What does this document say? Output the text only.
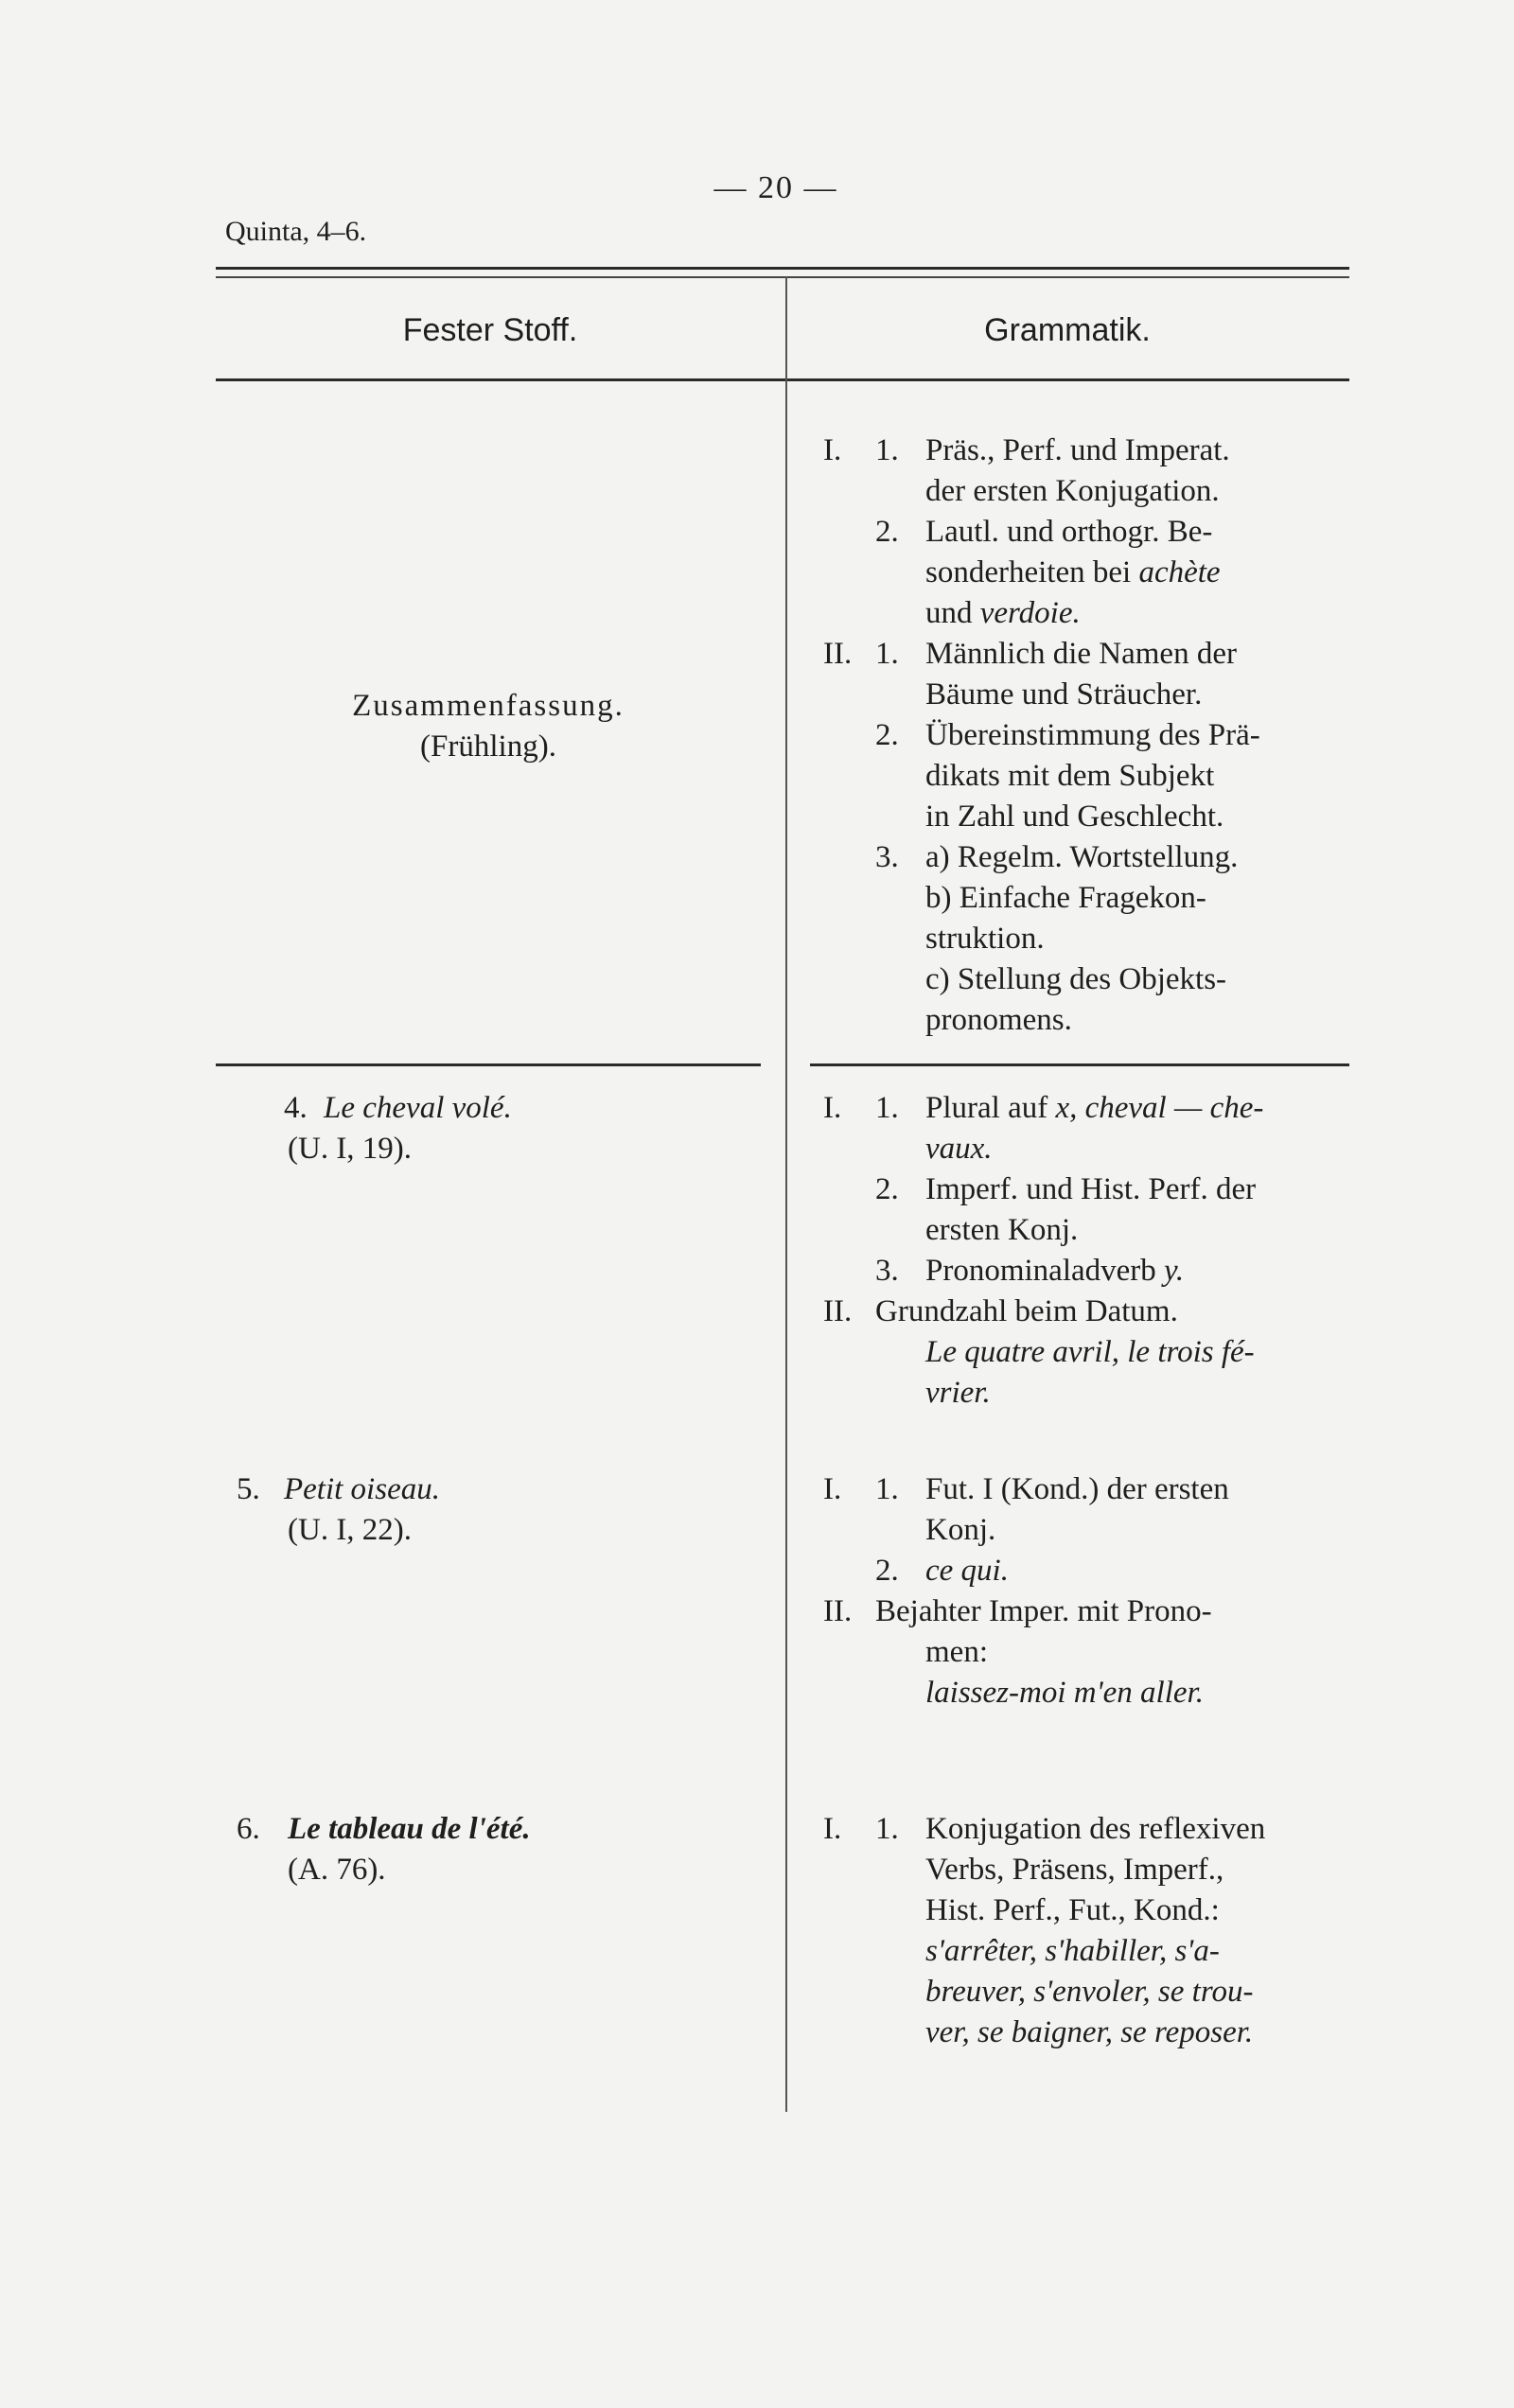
Quinta, 4–6.
— 20 —
Fester Stoff.	Grammatik.
Zusammenfassung.
(Frühling).
I. 1. Präs., Perf. und Imperat.
der ersten Konjugation.
2. Lautl. und orthogr. Be-
sonderheiten bei achète
und verdoie.
II. 1. Männlich die Namen der
Bäume und Sträucher.
2. Übereinstimmung des Prä-
dikats mit dem Subjekt
in Zahl und Geschlecht.
3. a) Regelm. Wortstellung.
b) Einfache Fragekon-
struktion.
c) Stellung des Objekts-
pronomens.
4. Le cheval volé.
(U. I, 19).
I. 1. Plural auf x, cheval — che-
vaux.
2. Imperf. und Hist. Perf. der
ersten Konj.
3. Pronominaladverb y.
II. Grundzahl beim Datum.
Le quatre avril, le trois fé-
vrier.
5. Petit oiseau.
(U. I, 22).
I. 1. Fut. I (Kond.) der ersten
Konj.
2. ce qui.
II. Bejahter Imper. mit Prono-
men:
laissez-moi m'en aller.
6. Le tableau de l'été.
(A. 76).
I. 1. Konjugation des reflexiven
Verbs, Präsens, Imperf.,
Hist. Perf., Fut., Kond.:
s'arrêter, s'habiller, s'a-
breuver, s'envoler, se trou-
ver, se baigner, se reposer.
